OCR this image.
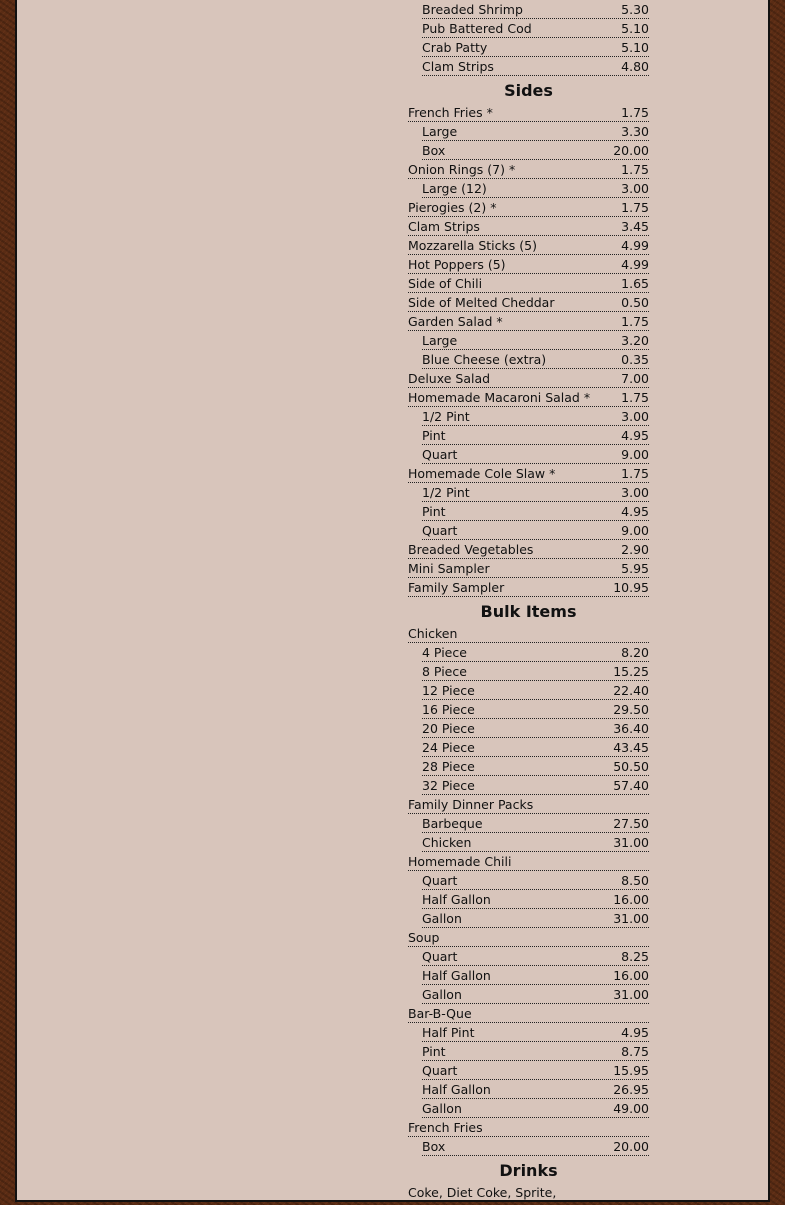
Breaded Shrimp	5.30
Pub Battered Cod	5.10
Crab Patty	5.10
Clam Strips	4.80
Sides
French Fries *	1.75
Large	3.30
Box	20.00
Onion Rings (7) *	1.75
Large (12)	3.00
Pierogies (2) *	1.75
Clam Strips	3.45
Mozzarella Sticks (5)	4.99
Hot Poppers (5)	4.99
Side of Chili	1.65
Side of Melted Cheddar	0.50
Garden Salad *	1.75
Large	3.20
Blue Cheese (extra)	0.35
Deluxe Salad	7.00
Homemade Macaroni Salad * 1.75
1/2 Pint	3.00
Pint	4.95
Quart	9.00
Homemade Cole Slaw *	1.75
1/2 Pint	3.00
Pint	4.95
Quart	9.00
Breaded Vegetables	2.90
Mini Sampler	5.95
Family Sampler	10.95
Bulk Items
Chicken
4 Piece	8.20
8 Piece	15.25
12 Piece	22.40
16 Piece	29.50
20 Piece	36.40
24 Piece	43.45
28 Piece	50.50
32 Piece	57.40
Family Dinner Packs
Barbeque	27.50
Chicken	31.00
Homemade Chili
Quart	8.50
Half Gallon	16.00
Gallon	31.00
Soup
Quart	8.25
Half Gallon	16.00
Gallon	31.00
Bar-B-Que
Half Pint	4.95
Pint	8.75
Quart	15.95
Half Gallon	26.95
Gallon	49.00
French Fries
Box	20.00
Drinks
Coke, Diet Coke, Sprite,
